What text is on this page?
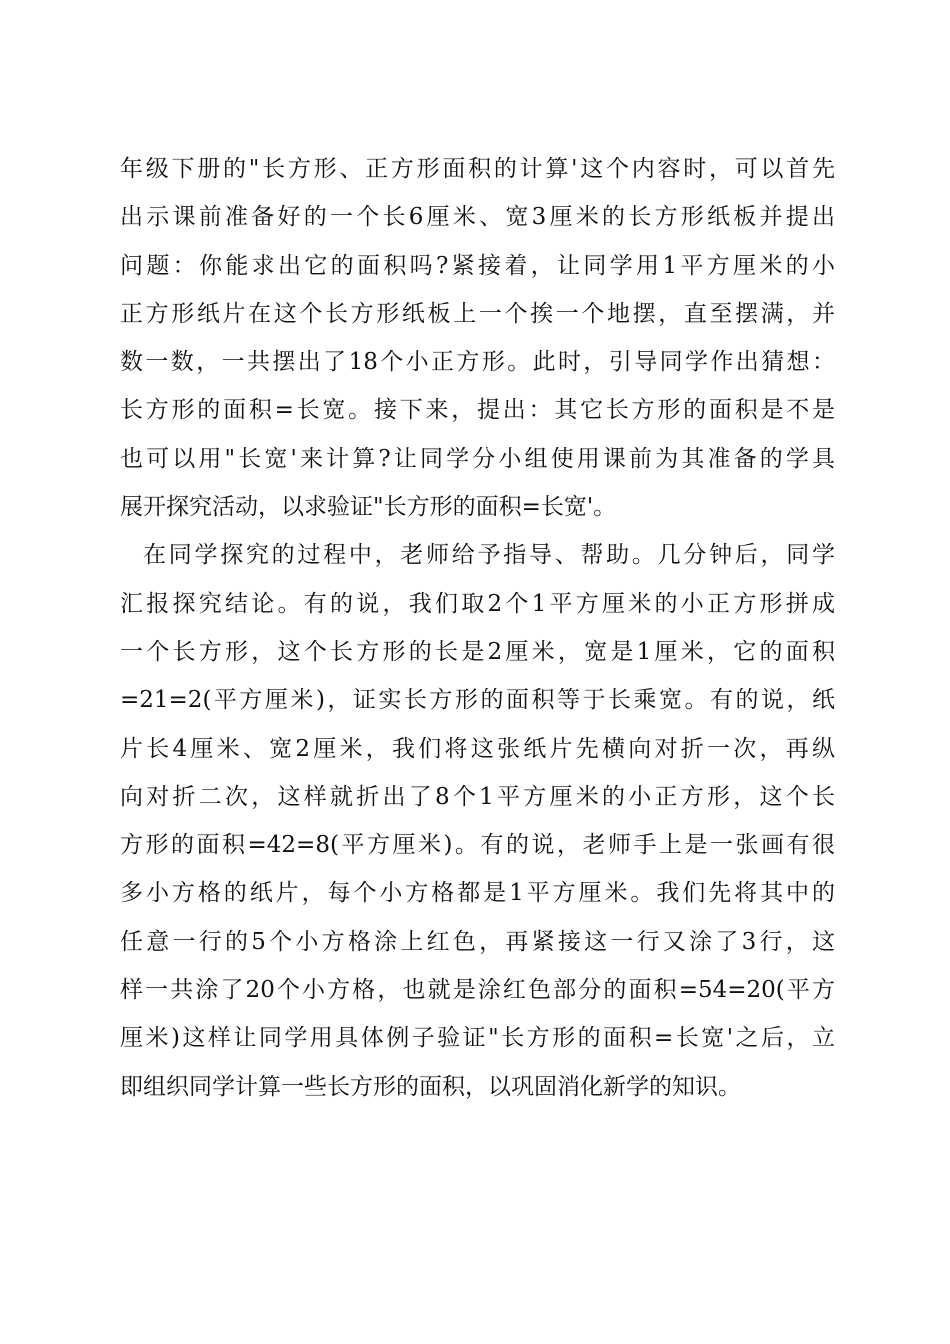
年级下册的"长方形、正方形面积的计算'这个内容时，可以首先
出示课前准备好的一个长6厘米、宽3厘米的长方形纸板并提出
问题：你能求出它的面积吗?紧接着，让同学用1平方厘米的小
正方形纸片在这个长方形纸板上一个挨一个地摆，直至摆满，并
数一数，一共摆出了18个小正方形。此时，引导同学作出猜想：
长方形的面积=长宽。接下来，提出：其它长方形的面积是不是
也可以用"长宽'来计算?让同学分小组使用课前为其准备的学具
展开探究活动，以求验证"长方形的面积=长宽'。
在同学探究的过程中，老师给予指导、帮助。几分钟后，同学
汇报探究结论。有的说，我们取2个1平方厘米的小正方形拼成
一个长方形，这个长方形的长是2厘米，宽是1厘米，它的面积
=21=2(平方厘米)，证实长方形的面积等于长乘宽。有的说，纸
片长4厘米、宽2厘米，我们将这张纸片先横向对折一次，再纵
向对折二次，这样就折出了8个1平方厘米的小正方形，这个长
方形的面积=42=8(平方厘米)。有的说，老师手上是一张画有很
多小方格的纸片，每个小方格都是1平方厘米。我们先将其中的
任意一行的5个小方格涂上红色，再紧接这一行又涂了3行，这
样一共涂了20个小方格，也就是涂红色部分的面积=54=20(平方
厘米)这样让同学用具体例子验证"长方形的面积=长宽'之后，立
即组织同学计算一些长方形的面积，以巩固消化新学的知识。
